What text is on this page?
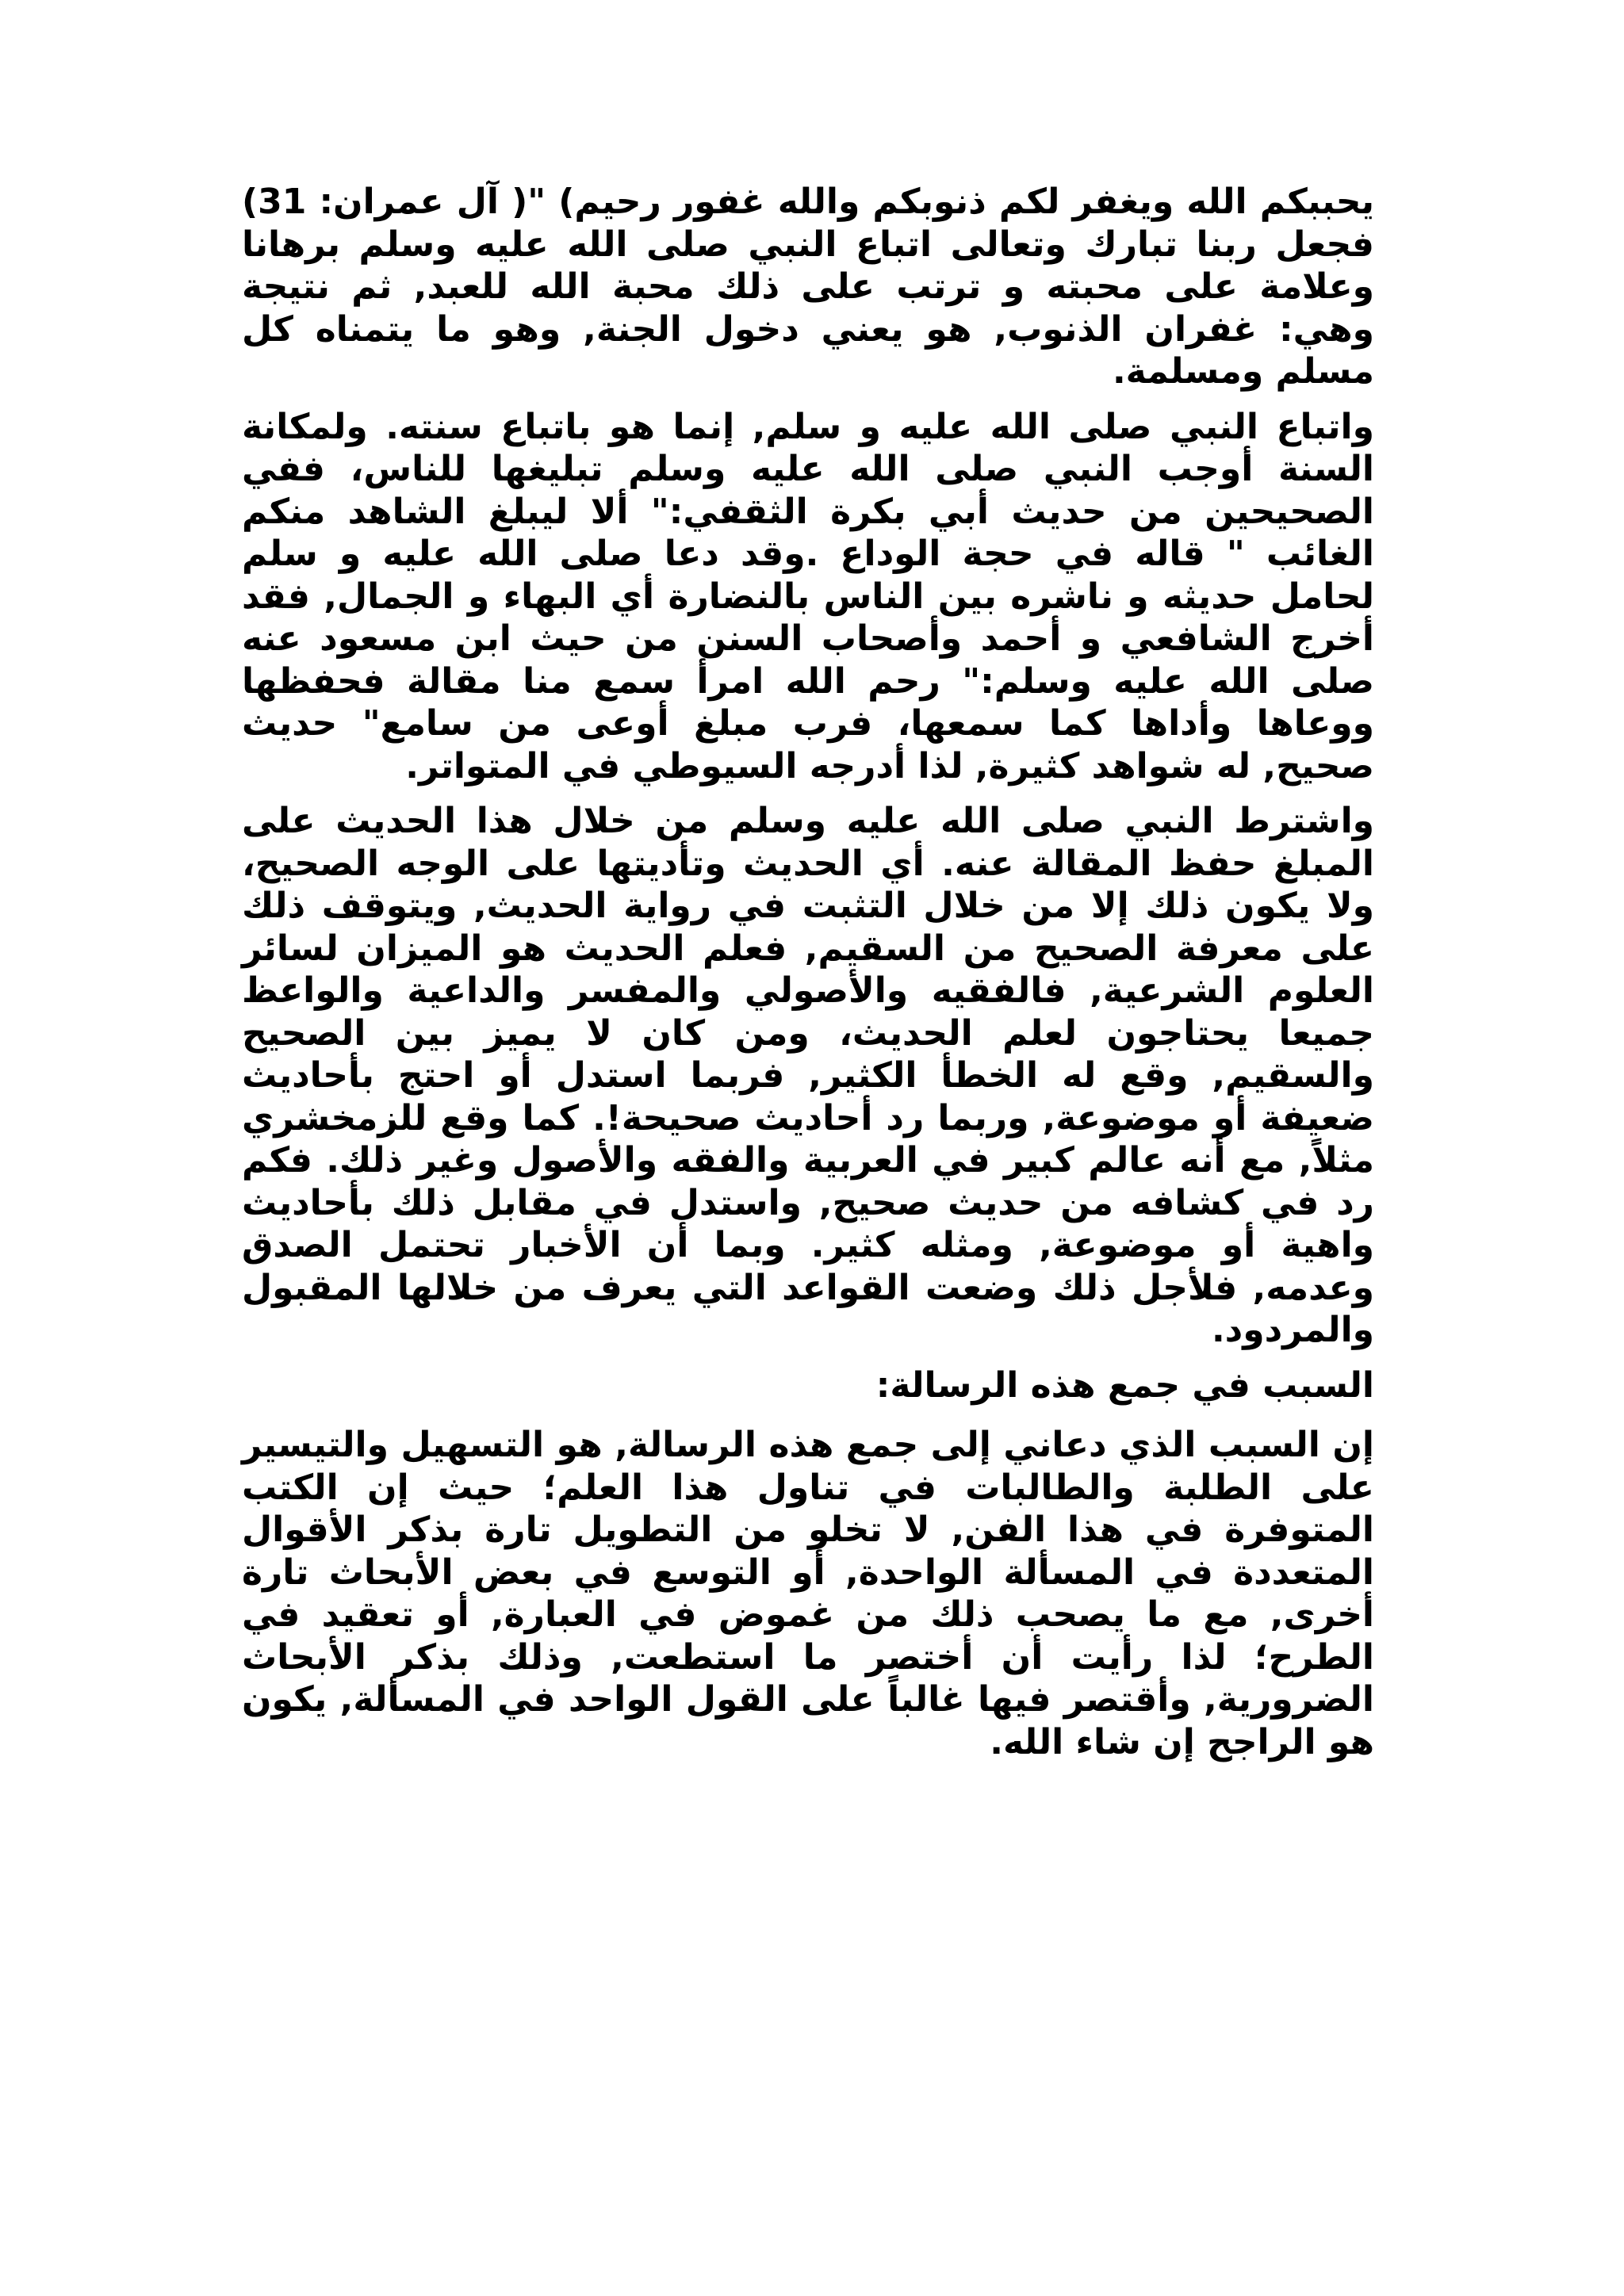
يحببكم الله ويغفر لكم ذنوبكم والله غفور رحيم) "( آل عمران: 31) فجعل ربنا تبارك وتعالى اتباع النبي صلى الله عليه وسلم برهانا وعلامة على محبته و ترتب على ذلك محبة الله للعبد, ثم نتيجة وهي: غفران الذنوب, هو يعني دخول الجنة, وهو ما يتمناه كل مسلم ومسلمة.

واتباع النبي صلى الله عليه و سلم, إنما هو باتباع سنته. ولمكانة السنة أوجب النبي صلى الله عليه وسلم تبليغها للناس، ففي الصحيحين من حديث أبي بكرة الثقفي:" ألا ليبلغ الشاهد منكم الغائب " قاله في حجة الوداع .وقد دعا صلى الله عليه و سلم لحامل حديثه و ناشره بين الناس بالنضارة أي البهاء و الجمال, فقد أخرج الشافعي و أحمد وأصحاب السنن من حيث ابن مسعود عنه صلى الله عليه وسلم:" رحم الله امرأ سمع منا مقالة فحفظها ووعاها وأداها كما سمعها، فرب مبلغ أوعى من سامع" حديث صحيح, له شواهد كثيرة, لذا أدرجه السيوطي في المتواتر.

واشترط النبي صلى الله عليه وسلم من خلال هذا الحديث على المبلغ حفظ المقالة عنه. أي الحديث وتأديتها على الوجه الصحيح، ولا يكون ذلك إلا من خلال التثبت في رواية الحديث, ويتوقف ذلك على معرفة الصحيح من السقيم, فعلم الحديث هو الميزان لسائر العلوم الشرعية, فالفقيه والأصولي والمفسر والداعية والواعظ جميعا يحتاجون لعلم الحديث، ومن كان لا يميز بين الصحيح والسقيم, وقع له الخطأ الكثير, فربما استدل أو احتج بأحاديث ضعيفة أو موضوعة, وربما رد أحاديث صحيحة!. كما وقع للزمخشري مثلاً, مع أنه عالم كبير في العربية والفقه والأصول وغير ذلك. فكم رد في كشافه من حديث صحيح, واستدل في مقابل ذلك بأحاديث واهية أو موضوعة, ومثله كثير. وبما أن الأخبار تحتمل الصدق وعدمه, فلأجل ذلك وضعت القواعد التي يعرف من خلالها المقبول والمردود.

السبب في جمع هذه الرسالة:

إن السبب الذي دعاني إلى جمع هذه الرسالة, هو التسهيل والتيسير على الطلبة والطالبات في تناول هذا العلم؛ حيث إن الكتب المتوفرة في هذا الفن, لا تخلو من التطويل تارة بذكر الأقوال المتعددة في المسألة الواحدة, أو التوسع في بعض الأبحاث تارة أخرى, مع ما يصحب ذلك من غموض في العبارة, أو تعقيد في الطرح؛ لذا رأيت أن أختصر ما استطعت, وذلك بذكر الأبحاث الضرورية, وأقتصر فيها غالباً على القول الواحد في المسألة, يكون هو الراجح إن شاء الله.
